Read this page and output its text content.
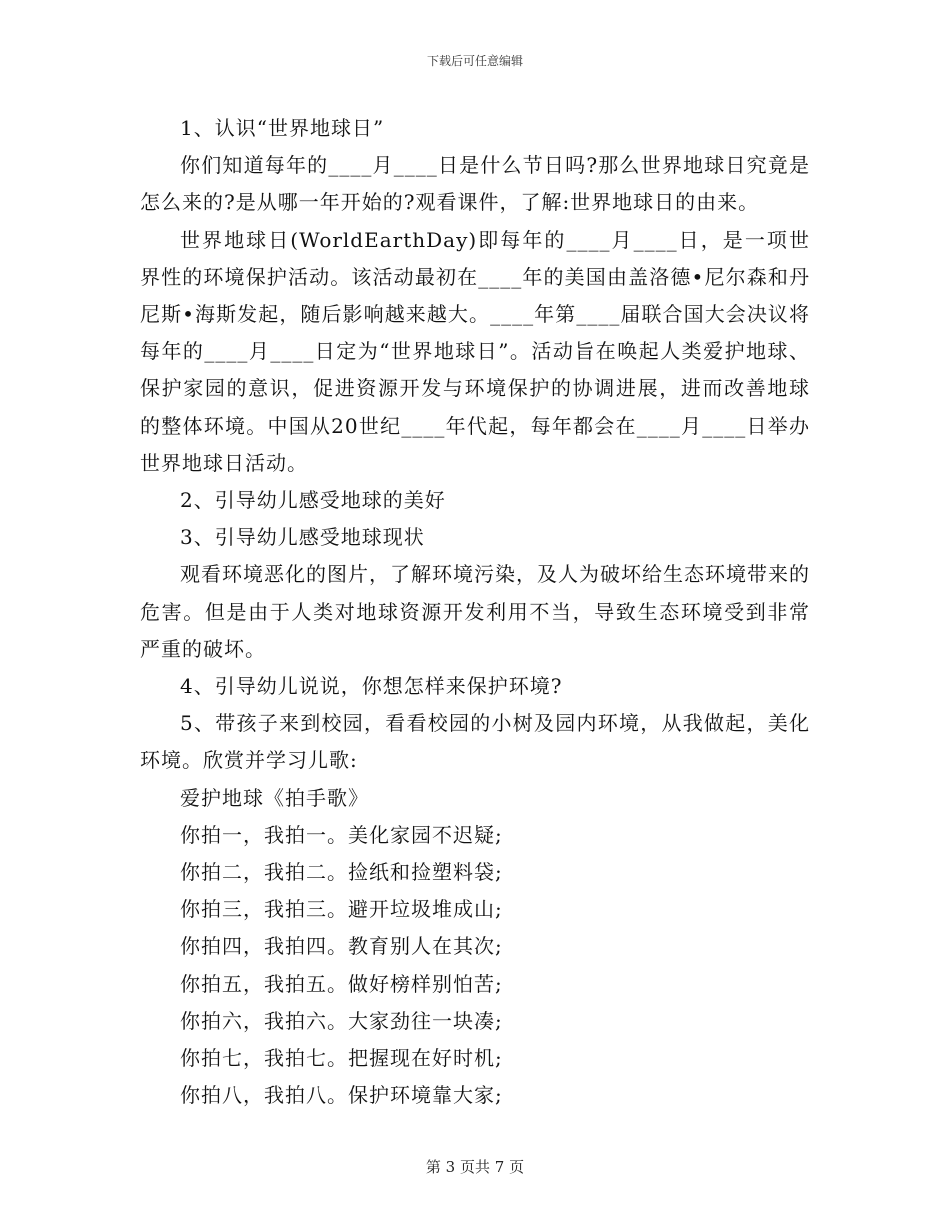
下载后可任意编辑

1、认识“世界地球日”

你们知道每年的____月____日是什么节日吗?那么世界地球日究竟是怎么来的?是从哪一年开始的?观看课件，了解:世界地球日的由来。

世界地球日(WorldEarthDay)即每年的____月____日，是一项世界性的环境保护活动。该活动最初在____年的美国由盖洛德•尼尔森和丹尼斯•海斯发起，随后影响越来越大。____年第____届联合国大会决议将每年的____月____日定为“世界地球日”。活动旨在唤起人类爱护地球、保护家园的意识，促进资源开发与环境保护的协调进展，进而改善地球的整体环境。中国从20世纪____年代起，每年都会在____月____日举办世界地球日活动。

2、引导幼儿感受地球的美好

3、引导幼儿感受地球现状

观看环境恶化的图片，了解环境污染，及人为破坏给生态环境带来的危害。但是由于人类对地球资源开发利用不当，导致生态环境受到非常严重的破坏。

4、引导幼儿说说，你想怎样来保护环境?

5、带孩子来到校园，看看校园的小树及园内环境，从我做起，美化环境。欣赏并学习儿歌:

爱护地球《拍手歌》

你拍一，我拍一。美化家园不迟疑;

你拍二，我拍二。捡纸和捡塑料袋;

你拍三，我拍三。避开垃圾堆成山;

你拍四，我拍四。教育别人在其次;

你拍五，我拍五。做好榜样别怕苦;

你拍六，我拍六。大家劲往一块凑;

你拍七，我拍七。把握现在好时机;

你拍八，我拍八。保护环境靠大家;

第 3 页共 7 页
